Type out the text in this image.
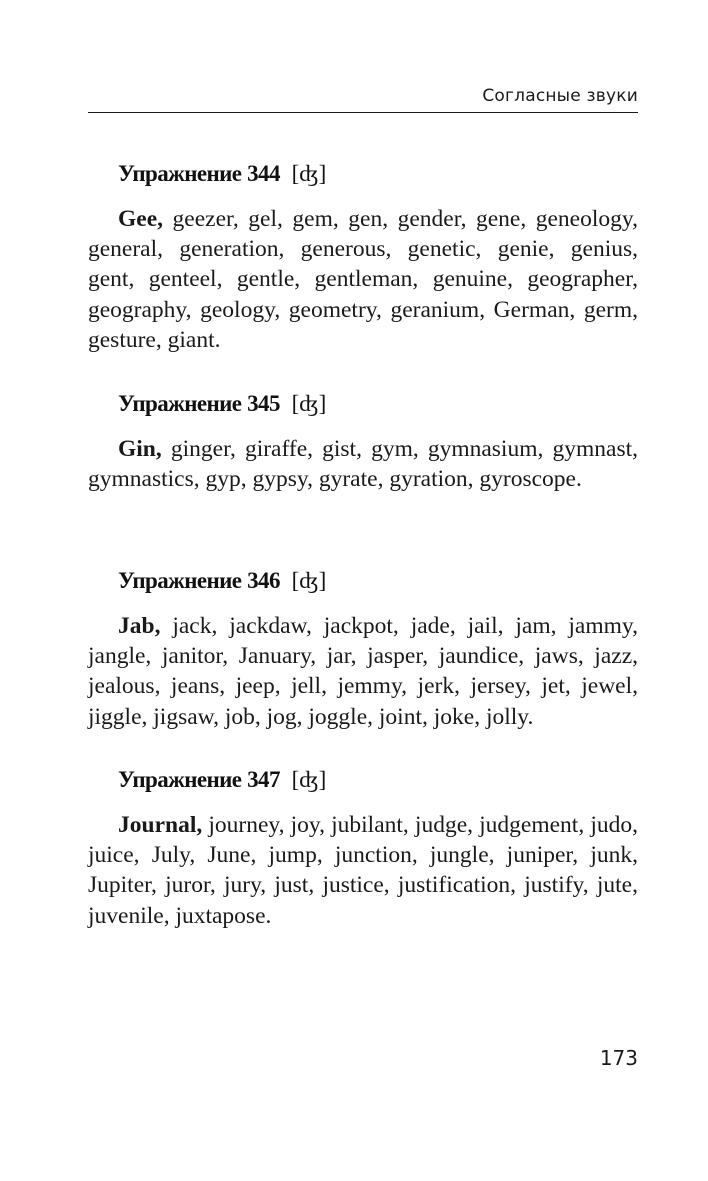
Согласные звуки
Упражнение 344 [ʤ]

Gee, geezer, gel, gem, gen, gender, gene, geneology, general, generation, generous, genetic, genie, genius, gent, genteel, gentle, gentleman, genuine, geographer, geography, geology, geometry, geranium, German, germ, gesture, giant.

Упражнение 345 [ʤ]

Gin, ginger, giraffe, gist, gym, gymnasium, gymnast, gymnastics, gyp, gypsy, gyrate, gyration, gyroscope.

Упражнение 346 [ʤ]

Jab, jack, jackdaw, jackpot, jade, jail, jam, jammy, jangle, janitor, January, jar, jasper, jaundice, jaws, jazz, jealous, jeans, jeep, jell, jemmy, jerk, jersey, jet, jewel, jiggle, jigsaw, job, jog, joggle, joint, joke, jolly.

Упражнение 347 [ʤ]

Journal, journey, joy, jubilant, judge, judgement, judo, juice, July, June, jump, junction, jungle, juniper, junk, Jupiter, juror, jury, just, justice, justification, justify, jute, juvenile, juxtapose.

173
